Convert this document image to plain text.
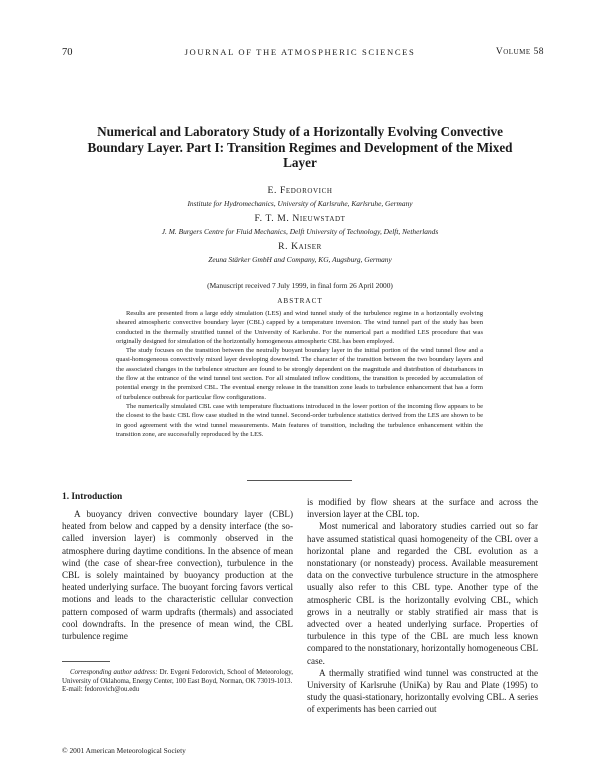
70	JOURNAL OF THE ATMOSPHERIC SCIENCES	Volume 58
Numerical and Laboratory Study of a Horizontally Evolving Convective Boundary Layer. Part I: Transition Regimes and Development of the Mixed Layer
E. Fedorovich
Institute for Hydromechanics, University of Karlsruhe, Karlsruhe, Germany
F. T. M. Nieuwstadt
J. M. Burgers Centre for Fluid Mechanics, Delft University of Technology, Delft, Netherlands
R. Kaiser
Zeuna Stärker GmbH and Company, KG, Augsburg, Germany
(Manuscript received 7 July 1999, in final form 26 April 2000)
ABSTRACT

Results are presented from a large eddy simulation (LES) and wind tunnel study of the turbulence regime in a horizontally evolving sheared atmospheric convective boundary layer (CBL) capped by a temperature inversion. The wind tunnel part of the study has been conducted in the thermally stratified tunnel of the University of Karlsruhe. For the numerical part a modified LES procedure that was originally designed for simulation of the horizontally homogeneous atmospheric CBL has been employed.

The study focuses on the transition between the neutrally buoyant boundary layer in the initial portion of the wind tunnel flow and a quasi-homogeneous convectively mixed layer developing downwind. The character of the transition between the two boundary layers and the associated changes in the turbulence structure are found to be strongly dependent on the magnitude and distribution of disturbances in the flow at the entrance of the wind tunnel test section. For all simulated inflow conditions, the transition is preceded by accumulation of potential energy in the premixed CBL. The eventual energy release in the transition zone leads to turbulence enhancement that has a form of turbulence outbreak for particular flow configurations.

The numerically simulated CBL case with temperature fluctuations introduced in the lower portion of the incoming flow appears to be the closest to the basic CBL flow case studied in the wind tunnel. Second-order turbulence statistics derived from the LES are shown to be in good agreement with the wind tunnel measurements. Main features of transition, including the turbulence enhancement within the transition zone, are successfully reproduced by the LES.

1. Introduction

A buoyancy driven convective boundary layer (CBL) heated from below and capped by a density interface (the so-called inversion layer) is commonly observed in the atmosphere during daytime conditions. In the absence of mean wind (the case of shear-free convection), turbulence in the CBL is solely maintained by buoyancy production at the heated underlying surface. The buoyant forcing favors vertical motions and leads to the characteristic cellular convection pattern composed of warm updrafts (thermals) and associated cool downdrafts. In the presence of mean wind, the CBL turbulence regime

is modified by flow shears at the surface and across the inversion layer at the CBL top.

Most numerical and laboratory studies carried out so far have assumed statistical quasi homogeneity of the CBL over a horizontal plane and regarded the CBL evolution as a nonstationary (or nonsteady) process. Available measurement data on the convective turbulence structure in the atmosphere usually also refer to this CBL type. Another type of the atmospheric CBL is the horizontally evolving CBL, which grows in a neutrally or stably stratified air mass that is advected over a heated underlying surface. Properties of turbulence in this type of the CBL are much less known compared to the nonstationary, horizontally homogeneous CBL case.

A thermally stratified wind tunnel was constructed at the University of Karlsruhe (UniKa) by Rau and Plate (1995) to study the quasi-stationary, horizontally evolving CBL. A series of experiments has been carried out

Corresponding author address: Dr. Evgeni Fedorovich, School of Meteorology, University of Oklahoma, Energy Center, 100 East Boyd, Norman, OK 73019-1013.

E-mail: fedorovich@ou.edu
© 2001 American Meteorological Society
